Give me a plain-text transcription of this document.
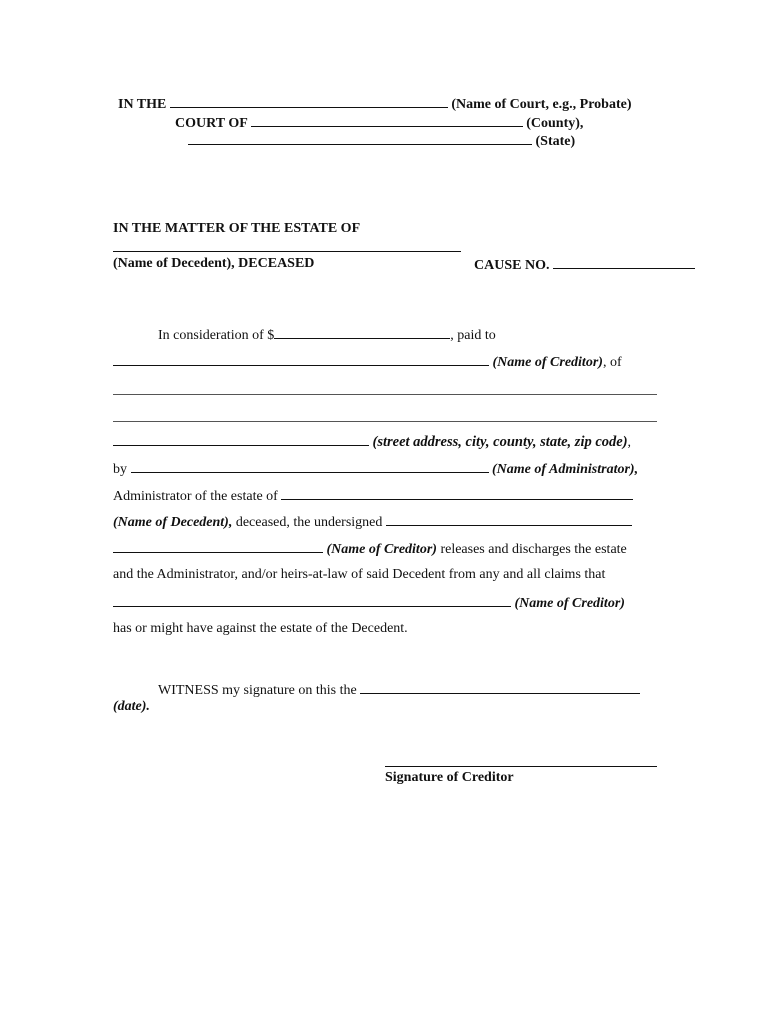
IN THE	(Name of Court, e.g., Probate)
COURT OF	(County),
(State)
IN THE MATTER OF THE ESTATE OF
(Name of Decedent), DECEASED	CAUSE NO.
In consideration of $	, paid to
(Name of Creditor), of
(street address, city, county, state, zip code),
by	(Name of Administrator),
Administrator of the estate of
(Name of Decedent), deceased, the undersigned
(Name of Creditor) releases and discharges the estate
and the Administrator, and/or heirs-at-law of said Decedent from any and all claims that
(Name of Creditor)
has or might have against the estate of the Decedent.
WITNESS my signature on this the
(date).
Signature of Creditor
